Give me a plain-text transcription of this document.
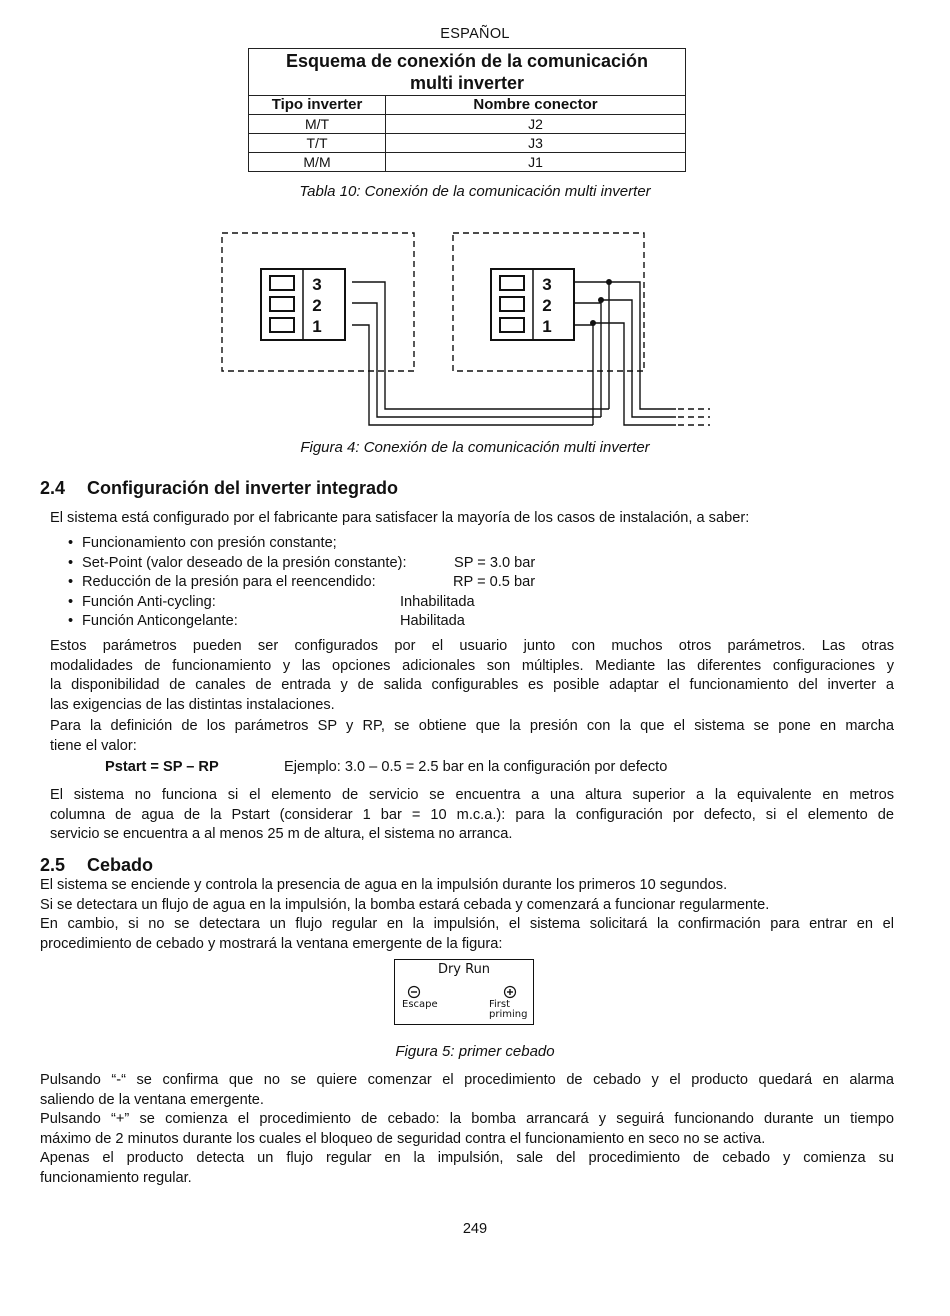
ESPAÑOL
Esquema de conexión de la comunicación
multi inverter	
Tipo inverter	Nombre conector
M/T	J2
T/T	J3
M/M	J1
Tabla 10: Conexión de la comunicación multi inverter
3
2
1
3
2
1
Figura 4: Conexión de la comunicación multi inverter
2.4 Configuración del inverter integrado
El sistema está configurado por el fabricante para satisfacer la mayoría de los casos de instalación, a saber:
• Funcionamiento con presión constante;
• Set-Point (valor deseado de la presión constante):	SP = 3.0 bar
• Reducción de la presión para el reencendido:	RP = 0.5 bar
• Función Anti-cycling:	Inhabilitada
• Función Anticongelante:	Habilitada
Estos parámetros pueden ser configurados por el usuario junto con muchos otros parámetros. Las otras
modalidades de funcionamiento y las opciones adicionales son múltiples. Mediante las diferentes configuraciones y
la disponibilidad de canales de entrada y de salida configurables es posible adaptar el funcionamiento del inverter a
las exigencias de las distintas instalaciones.
Para la definición de los parámetros SP y RP, se obtiene que la presión con la que el sistema se pone en marcha
tiene el valor:
Pstart = SP – RP	Ejemplo: 3.0 – 0.5 = 2.5 bar en la configuración por defecto
El sistema no funciona si el elemento de servicio se encuentra a una altura superior a la equivalente en metros
columna de agua de la Pstart (considerar 1 bar = 10 m.c.a.): para la configuración por defecto, si el elemento de
servicio se encuentra a al menos 25 m de altura, el sistema no arranca.
2.5 Cebado
El sistema se enciende y controla la presencia de agua en la impulsión durante los primeros 10 segundos.
Si se detectara un flujo de agua en la impulsión, la bomba estará cebada y comenzará a funcionar regularmente.
En cambio, si no se detectara un flujo regular en la impulsión, el sistema solicitará la confirmación para entrar en el
procedimiento de cebado y mostrará la ventana emergente de la figura:
Dry Run
Escape	First
priming
Figura 5: primer cebado
Pulsando “-“ se confirma que no se quiere comenzar el procedimiento de cebado y el producto quedará en alarma
saliendo de la ventana emergente.
Pulsando “+” se comienza el procedimiento de cebado: la bomba arrancará y seguirá funcionando durante un tiempo
máximo de 2 minutos durante los cuales el bloqueo de seguridad contra el funcionamiento en seco no se activa.
Apenas el producto detecta un flujo regular en la impulsión, sale del procedimiento de cebado y comienza su
funcionamiento regular.
249
